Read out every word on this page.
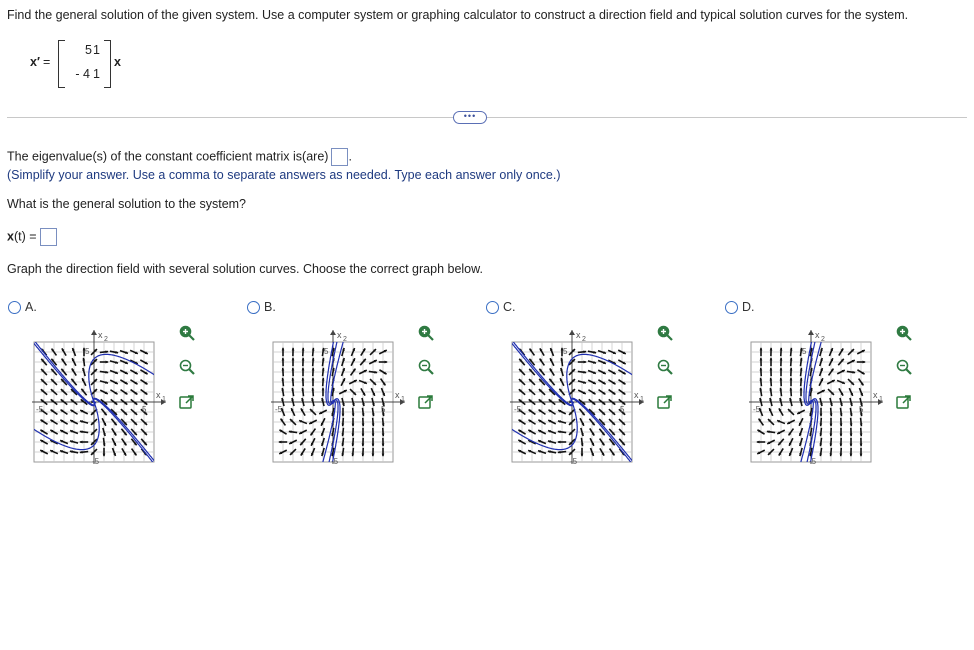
Find the general solution of the given system. Use a computer system or graphing calculator to construct a direction field and typical solution curves for the system.
x′ =
5 1
- 4 1
x
•••
The eigenvalue(s) of the constant coefficient matrix is(are) .
(Simplify your answer. Use a comma to separate answers as needed. Type each answer only once.)
What is the general solution to the system?
x(t) =
Graph the direction field with several solution curves. Choose the correct graph below.
A.
5
-5
-5	5
x 2
x 1
B.
5
-5
-5	5
x 2
x 1
C.
5
-5
-5	5
x 2
x 1
D.
5
-5
-5	5
x 2
x 1
